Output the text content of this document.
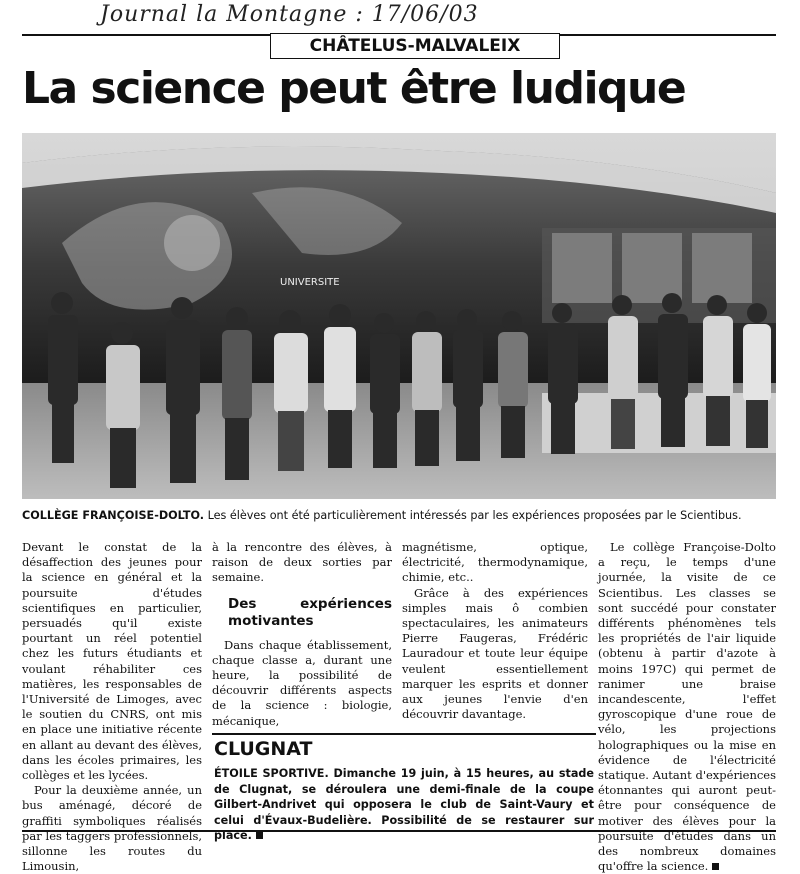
Journal la Montagne : 17/06/03
CHÂTELUS-MALVALEIX
La science peut être ludique
UNIVERSITE
COLLÈGE FRANÇOISE-DOLTO. Les élèves ont été particulièrement intéressés par les expériences proposées par le Scientibus.

Devant le constat de la désaffection des jeunes pour la science en général et la poursuite d'études scientifiques en particulier, persuadés qu'il existe pourtant un réel potentiel chez les futurs étudiants et voulant réhabiliter ces matières, les responsables de l'Université de Limoges, avec le soutien du CNRS, ont mis en place une initiative récente en allant au devant des élèves, dans les écoles primaires, les collèges et les lycées.

Pour la deuxième année, un bus aménagé, décoré de graffiti symboliques réalisés par les taggers professionnels, sillonne les routes du Limousin,

à la rencontre des élèves, à raison de deux sorties par semaine.

Des expériences motivantes

Dans chaque établissement, chaque classe a, durant une heure, la possibilité de découvrir différents aspects de la science : biologie, mécanique,

magnétisme, optique, électricité, thermodynamique, chimie, etc..

Grâce à des expériences simples mais ô combien spectaculaires, les animateurs Pierre Faugeras, Frédéric Lauradour et toute leur équipe veulent essentiellement marquer les esprits et donner aux jeunes l'envie d'en découvrir davantage.

Le collège Françoise-Dolto a reçu, le temps d'une journée, la visite de ce Scientibus. Les classes se sont succédé pour constater différents phénomènes tels les propriétés de l'air liquide (obtenu à partir d'azote à moins 197C) qui permet de ranimer une braise incandescente, l'effet gyroscopique d'une roue de vélo, les projections holographiques ou la mise en évidence de l'électricité statique. Autant d'expériences étonnantes qui auront peut-être pour conséquence de motiver des élèves pour la poursuite d'études dans un des nombreux domaines qu'offre la science.

CLUGNAT
ÉTOILE SPORTIVE. Dimanche 19 juin, à 15 heures, au stade de Clugnat, se déroulera une demi-finale de la coupe Gilbert-Andrivet qui opposera le club de Saint-Vaury et celui d'Évaux-Budelière. Possibilité de se restaurer sur place.
